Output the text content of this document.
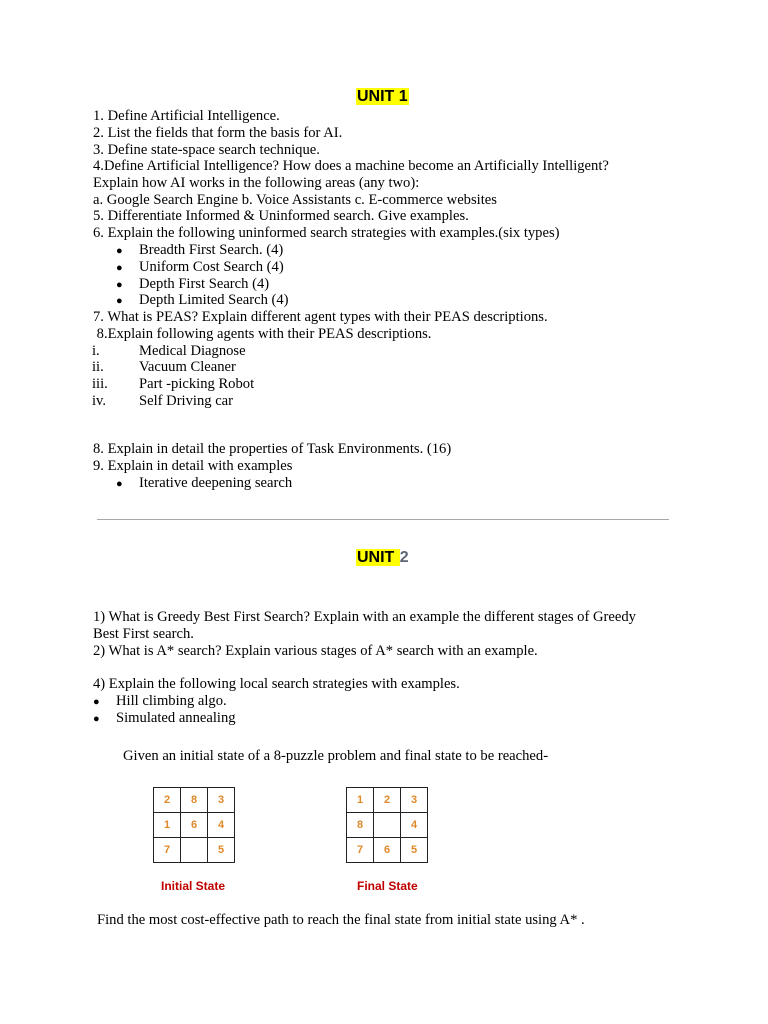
UNIT 1
1. Define Artificial Intelligence.
2. List the fields that form the basis for AI.
3. Define state-space search technique.
4.Define Artificial Intelligence? How does a machine become an Artificially Intelligent?
Explain how AI works in the following areas (any two):
a. Google Search Engine b. Voice Assistants c. E-commerce websites
5. Differentiate Informed & Uninformed search. Give examples.
6. Explain the following uninformed search strategies with examples.(six types)
● Breadth First Search. (4)
● Uniform Cost Search (4)
● Depth First Search (4)
● Depth Limited Search (4)
7. What is PEAS? Explain different agent types with their PEAS descriptions.
8.Explain following agents with their PEAS descriptions.
i.	Medical Diagnose
ii. Vacuum Cleaner
iii. Part -picking Robot
iv. Self Driving car
8. Explain in detail the properties of Task Environments. (16)
9. Explain in detail with examples
● Iterative deepening search
UNIT 2
1) What is Greedy Best First Search? Explain with an example the different stages of Greedy
Best First search.
2) What is A* search? Explain various stages of A* search with an example.
4) Explain the following local search strategies with examples.
● Hill climbing algo.
● Simulated annealing
Given an initial state of a 8-puzzle problem and final state to be reached-
2	8	3
1	6	4
7		5
Initial State
1	2	3
8		4
7	6	5
Final State
Find the most cost-effective path to reach the final state from initial state using A* .
